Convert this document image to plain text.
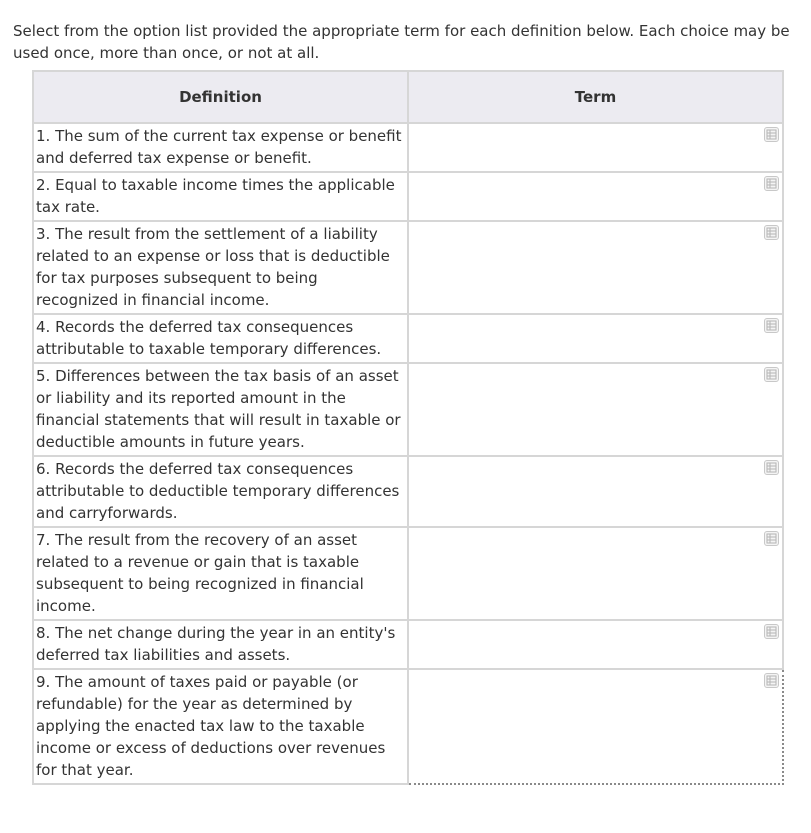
Select from the option list provided the appropriate term for each definition below. Each choice may be used once, more than once, or not at all.

Definition	Term
1. The sum of the current tax expense or benefit and deferred tax expense or benefit.	

2. Equal to taxable income times the applicable tax rate.	

3. The result from the settlement of a liability related to an expense or loss that is deductible for tax purposes subsequent to being recognized in financial income.	

4. Records the deferred tax consequences attributable to taxable temporary differences.	

5. Differences between the tax basis of an asset or liability and its reported amount in the financial statements that will result in taxable or deductible amounts in future years.	

6. Records the deferred tax consequences attributable to deductible temporary differences and carryforwards.	

7. The result from the recovery of an asset related to a revenue or gain that is taxable subsequent to being recognized in financial income.	

8. The net change during the year in an entity's deferred tax liabilities and assets.	

9. The amount of taxes paid or payable (or refundable) for the year as determined by applying the enacted tax law to the taxable income or excess of deductions over revenues for that year.	
